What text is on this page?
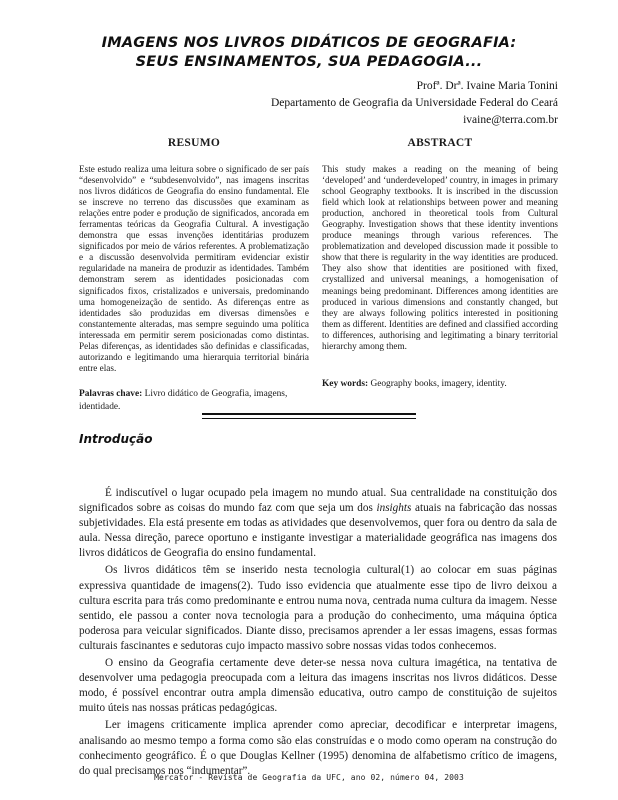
IMAGENS NOS LIVROS DIDÁTICOS DE GEOGRAFIA:
SEUS ENSINAMENTOS, SUA PEDAGOGIA...
Profª. Drª. Ivaine Maria Tonini
Departamento de Geografia da Universidade Federal do Ceará
ivaine@terra.com.br
RESUMO
Este estudo realiza uma leitura sobre o significado de ser país “desenvolvido” e “subdesenvolvido”, nas imagens inscritas nos livros didáticos de Geografia do ensino fundamental. Ele se inscreve no terreno das discussões que examinam as relações entre poder e produção de significados, ancorada em ferramentas teóricas da Geografia Cultural. A investigação demonstra que essas invenções identitárias produzem significados por meio de vários referentes. A problematização e a discussão desenvolvida permitiram evidenciar existir regularidade na maneira de produzir as identidades. Também demonstram serem as identidades posicionadas com significados fixos, cristalizados e universais, predominando uma homogeneização de sentido. As diferenças entre as identidades são produzidas em diversas dimensões e constantemente alteradas, mas sempre seguindo uma política interessada em permitir serem posicionadas como distintas. Pelas diferenças, as identidades são definidas e classificadas, autorizando e legitimando uma hierarquia territorial binária entre elas.
Palavras chave: Livro didático de Geografia, imagens, identidade.
ABSTRACT
This study makes a reading on the meaning of being ‘developed’ and ‘underdeveloped’ country, in images in primary school Geography textbooks. It is inscribed in the discussion field which look at relationships between power and meaning production, anchored in theoretical tools from Cultural Geography. Investigation shows that these identity inventions produce meanings through various references. The problematization and developed discussion made it possible to show that there is regularity in the way identities are produced. They also show that identities are positioned with fixed, crystallized and universal meanings, a homogenisation of meanings being predominant. Differences among identities are produced in various dimensions and constantly changed, but they are always following politics interested in positioning them as different. Identities are defined and classified according to differences, authorising and legitimating a binary territorial hierarchy among them.
Key words: Geography books, imagery, identity.
Introdução

É indiscutível o lugar ocupado pela imagem no mundo atual. Sua centralidade na constituição dos significados sobre as coisas do mundo faz com que seja um dos insights atuais na fabricação das nossas subjetividades. Ela está presente em todas as atividades que desenvolvemos, quer fora ou dentro da sala de aula. Nessa direção, parece oportuno e instigante investigar a materialidade geográfica nas imagens dos livros didáticos de Geografia do ensino fundamental.

Os livros didáticos têm se inserido nesta tecnologia cultural(1) ao colocar em suas páginas expressiva quantidade de imagens(2). Tudo isso evidencia que atualmente esse tipo de livro deixou a cultura escrita para trás como predominante e entrou numa nova, centrada numa cultura da imagem. Nesse sentido, ele passou a conter nova tecnologia para a produção do conhecimento, uma máquina óptica poderosa para veicular significados. Diante disso, precisamos aprender a ler essas imagens, essas formas culturais fascinantes e sedutoras cujo impacto massivo sobre nossas vidas todos conhecemos.

O ensino da Geografia certamente deve deter-se nessa nova cultura imagética, na tentativa de desenvolver uma pedagogia preocupada com a leitura das imagens inscritas nos livros didáticos. Desse modo, é possível encontrar outra ampla dimensão educativa, outro campo de constituição de sujeitos muito úteis nas nossas práticas pedagógicas.

Ler imagens criticamente implica aprender como apreciar, decodificar e interpretar imagens, analisando ao mesmo tempo a forma como são elas construídas e o modo como operam na construção do conhecimento geográfico. É o que Douglas Kellner (1995) denomina de alfabetismo crítico de imagens, do qual precisamos nos “indumentar”.

Mercator - Revista de Geografia da UFC, ano 02, número 04, 2003
